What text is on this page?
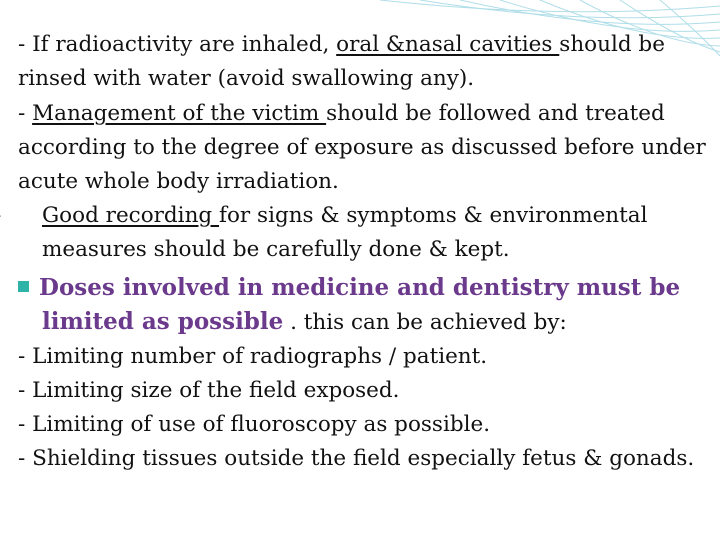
- If radioactivity are inhaled, oral &nasal cavities should be rinsed with water (avoid swallowing any).

- Management of the victim should be followed and treated according to the degree of exposure as discussed before under acute whole body irradiation.

Good recording for signs & symptoms & environmental measures should be carefully done & kept.

Doses involved in medicine and dentistry must be
limited as possible . this can be achieved by:
- Limiting number of radiographs / patient.
- Limiting size of the field exposed.
- Limiting of use of fluoroscopy as possible.
- Shielding tissues outside the field especially fetus & gonads.
